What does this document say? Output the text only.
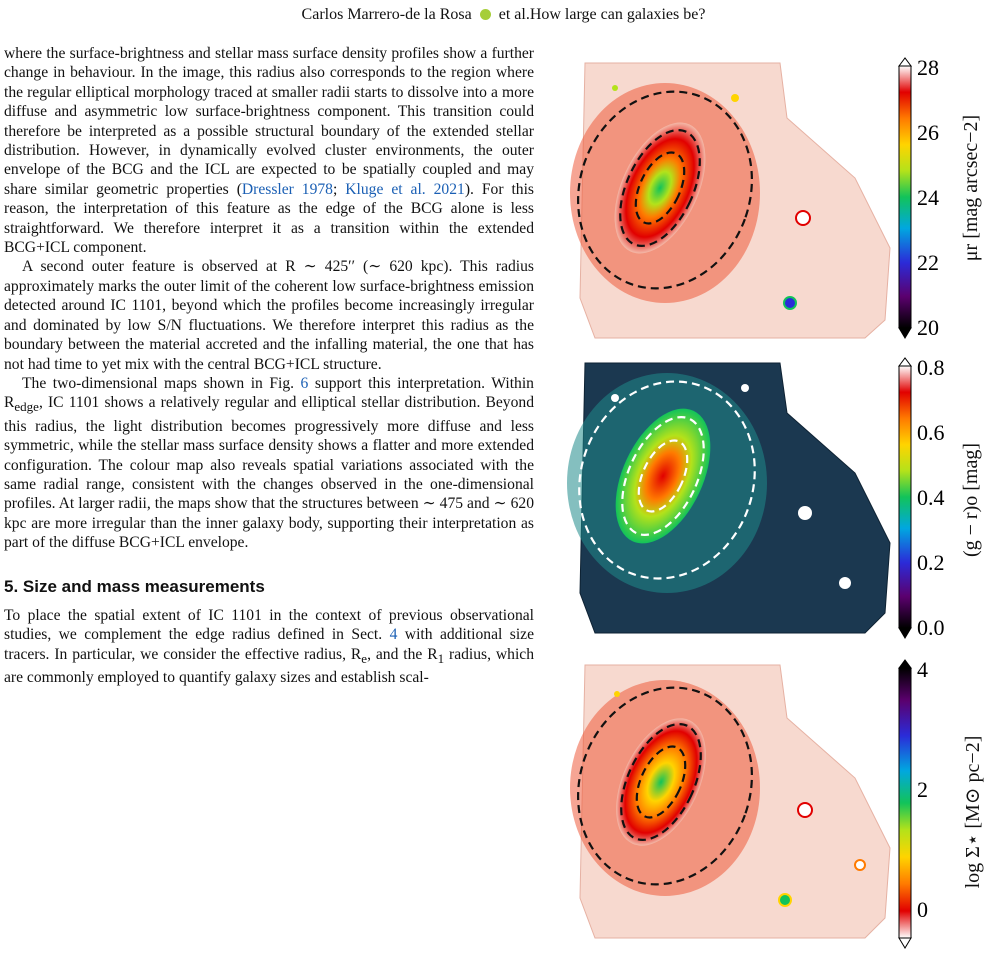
Carlos Marrero-de la Rosa et al.How large can galaxies be?

where the surface-brightness and stellar mass surface density profiles show a further change in behaviour. In the image, this radius also corresponds to the region where the regular elliptical morphology traced at smaller radii starts to dissolve into a more diffuse and asymmetric low surface-brightness component. This transition could therefore be interpreted as a possible structural boundary of the extended stellar distribution. However, in dynamically evolved cluster environments, the outer envelope of the BCG and the ICL are expected to be spatially coupled and may share similar geometric properties (Dressler 1978; Kluge et al. 2021). For this reason, the interpretation of this feature as the edge of the BCG alone is less straightforward. We therefore interpret it as a transition within the extended BCG+ICL component.

A second outer feature is observed at R ∼ 425′′ (∼ 620 kpc). This radius approximately marks the outer limit of the coherent low surface-brightness emission detected around IC 1101, beyond which the profiles become increasingly irregular and dominated by low S/N fluctuations. We therefore interpret this radius as the boundary between the material accreted and the infalling material, the one that has not had time to yet mix with the central BCG+ICL structure.

The two-dimensional maps shown in Fig. 6 support this interpretation. Within $R_{edge}$, IC 1101 shows a relatively regular and elliptical stellar distribution. Beyond this radius, the light distribution becomes progressively more diffuse and less symmetric, while the stellar mass surface density shows a flatter and more extended configuration. The colour map also reveals spatial variations associated with the same radial range, consistent with the changes observed in the one-dimensional profiles. At larger radii, the maps show that the structures between ∼ 475 and ∼ 620 kpc are more irregular than the inner galaxy body, supporting their interpretation as part of the diffuse BCG+ICL envelope.

5. Size and mass measurements

To place the spatial extent of IC 1101 in the context of previous observational studies, we complement the edge radius defined in Sect. 4 with additional size tracers. In particular, we consider the effective radius, $R_e$, and the $R_1$ radius, which are commonly employed to quantify galaxy sizes and establish scal-

28
26
24
22
20
0.8
0.6
0.4
0.2
0.0
4
2
0
μr [mag arcsec−2]
(g − r)o [mag]
log Σ⋆ [M⊙ pc−2]
